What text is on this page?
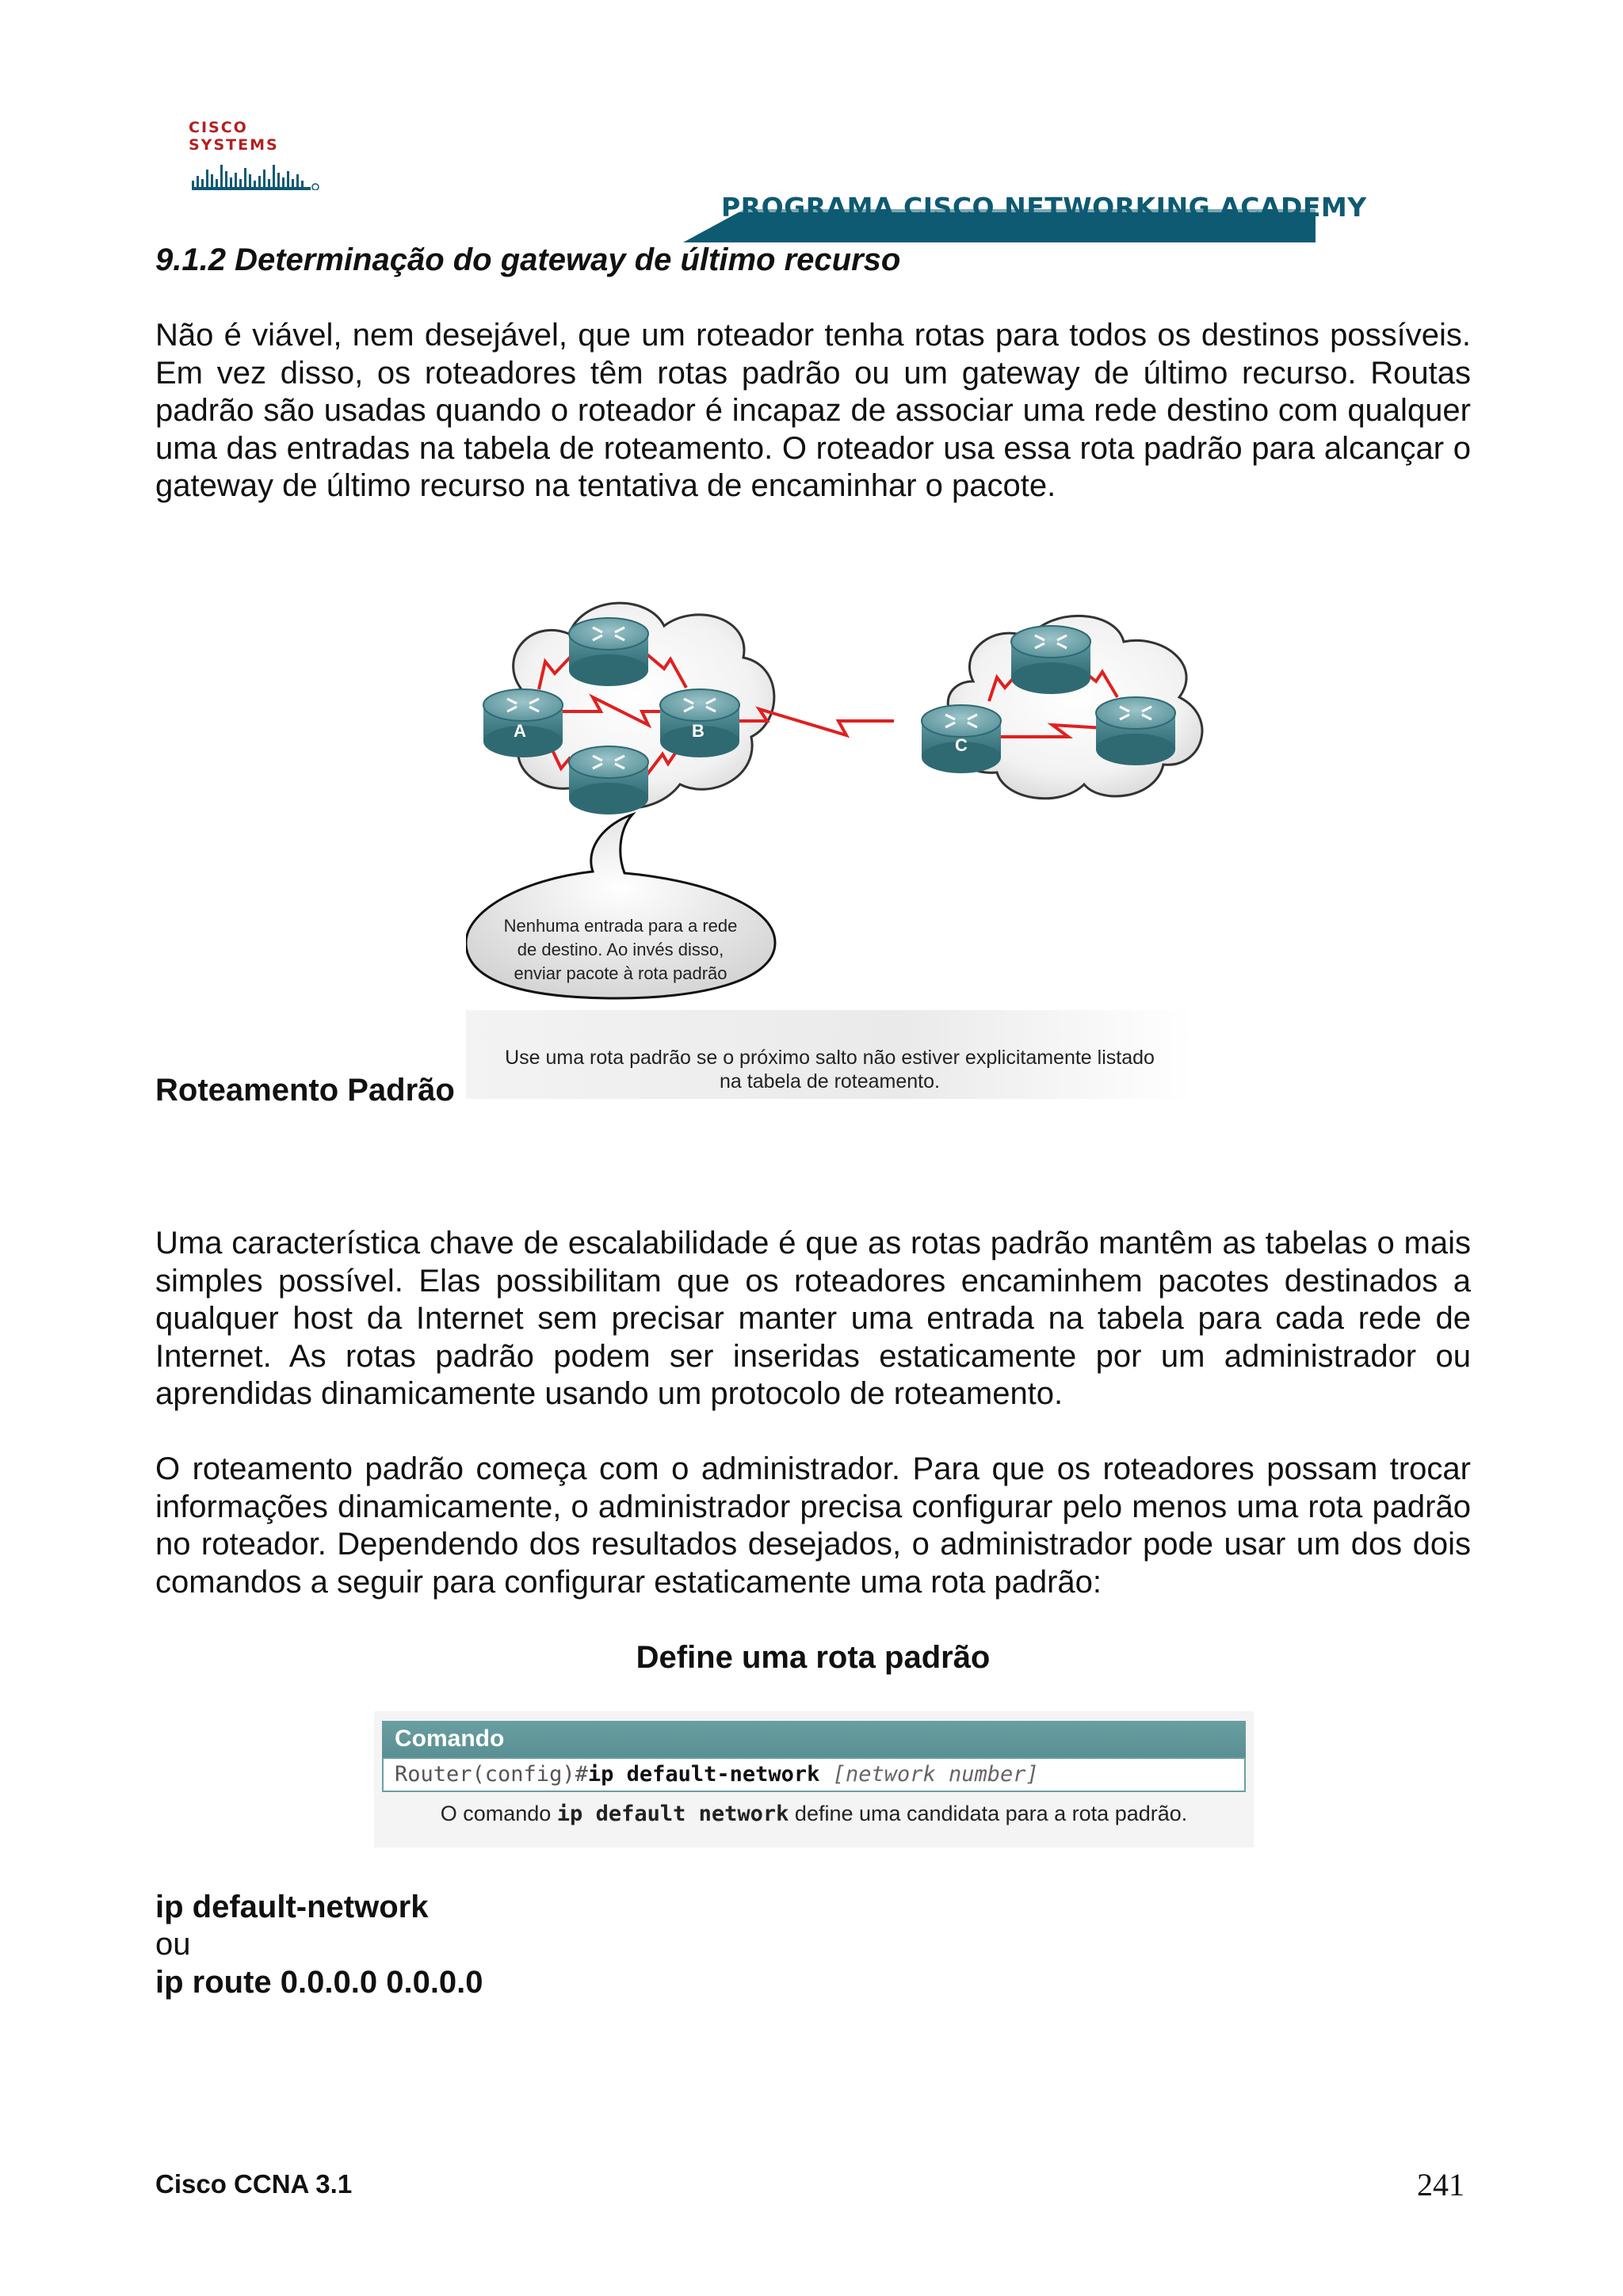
CISCO SYSTEMS
PROGRAMA CISCO NETWORKING ACADEMY
9.1.2 Determinação do gateway de último recurso

Não é viável, nem desejável, que um roteador tenha rotas para todos os destinos possíveis. Em vez disso, os roteadores têm rotas padrão ou um gateway de último recurso. Routas padrão são usadas quando o roteador é incapaz de associar uma rede destino com qualquer uma das entradas na tabela de roteamento. O roteador usa essa rota padrão para alcançar o gateway de último recurso na tentativa de encaminhar o pacote.

A	B
C
Nenhuma entrada para a rede
de destino. Ao invés disso,
enviar pacote à rota padrão
Use uma rota padrão se o próximo salto não estiver explicitamente listado
na tabela de roteamento.
Roteamento Padrão

Uma característica chave de escalabilidade é que as rotas padrão mantêm as tabelas o mais simples possível. Elas possibilitam que os roteadores encaminhem pacotes destinados a qualquer host da Internet sem precisar manter uma entrada na tabela para cada rede de Internet. As rotas padrão podem ser inseridas estaticamente por um administrador ou aprendidas dinamicamente usando um protocolo de roteamento.

O roteamento padrão começa com o administrador. Para que os roteadores possam trocar informações dinamicamente, o administrador precisa configurar pelo menos uma rota padrão no roteador. Dependendo dos resultados desejados, o administrador pode usar um dos dois comandos a seguir para configurar estaticamente uma rota padrão:

Define uma rota padrão
Comando
Router(config)#ip default-network [network number]
O comando ip default network define uma candidata para a rota padrão.
ip default-network
ou
ip route 0.0.0.0 0.0.0.0
Cisco CCNA 3.1	241
